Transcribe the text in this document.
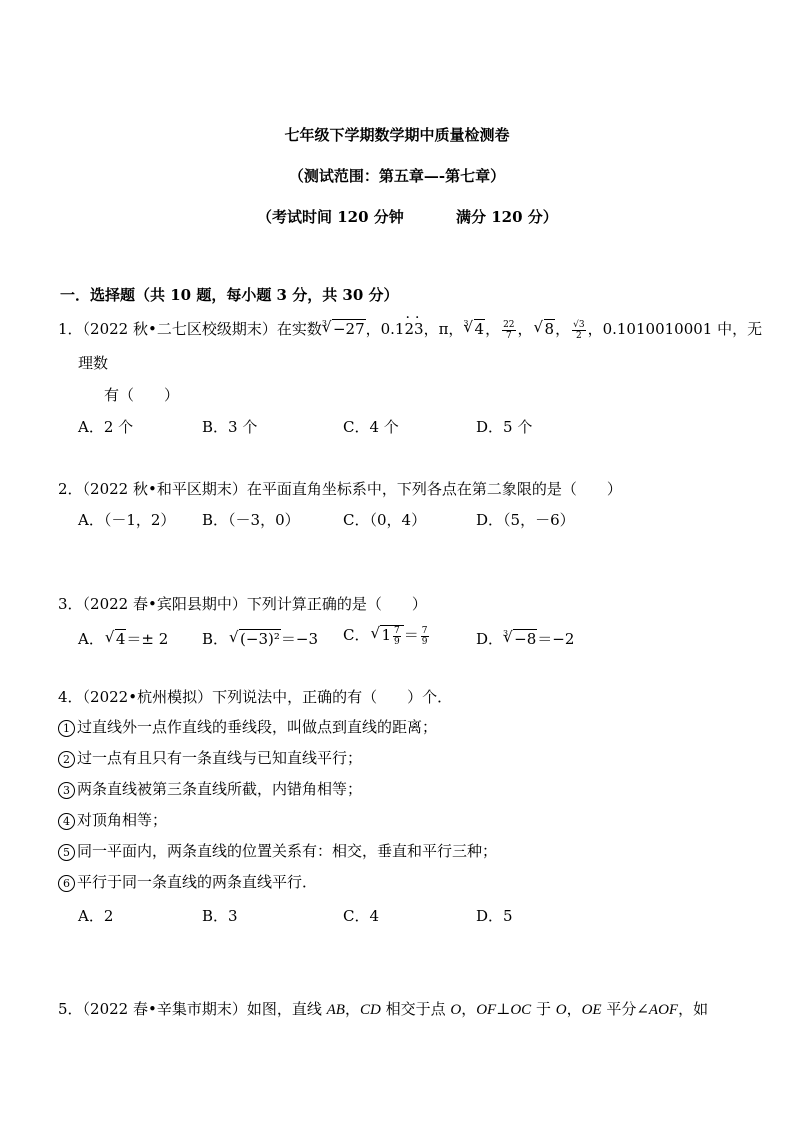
七年级下学期数学期中质量检测卷
（测试范围：第五章—-第七章）
（考试时间 120 分钟	满分 120 分）
一．选择题（共 10 题，每小题 3 分，共 30 分）
1．（2022 秋•二七区校级期末）在实数$^3$ √ −27，0.12 ·3 ·，π，$^3$ √ 4， $\frac{22}{7}$ ， √ 8， $\frac{√3}{2}$ ，0.1010010001 中，无
理数
有（　　）
A．2 个	B．3 个	C．4 个	D．5 个
2．（2022 秋•和平区期末）在平面直角坐标系中，下列各点在第二象限的是（　　）
A．（－1，2） B．（－3，0）	C．（0，4）	D．（5，－6）
3．（2022 春•宾阳县期中）下列计算正确的是（　　）
A． √ 4＝± 2 B． √ (−3)²＝−3 C． √ $1 \frac{7}{9} = \frac{7}{9}$	D．$^3$ √ −8＝−2
4．（2022•杭州模拟）下列说法中，正确的有（　　）个．
1 过直线外一点作直线的垂线段，叫做点到直线的距离；
2 过一点有且只有一条直线与已知直线平行；
3 两条直线被第三条直线所截，内错角相等；
4 对顶角相等；
5 同一平面内，两条直线的位置关系有：相交，垂直和平行三种；
6 平行于同一条直线的两条直线平行．
A．2	B．3	C．4	D．5
5．（2022 春•辛集市期末）如图，直线 AB，CD 相交于点 O，OF⊥OC 于 O，OE 平分∠AOF，如
